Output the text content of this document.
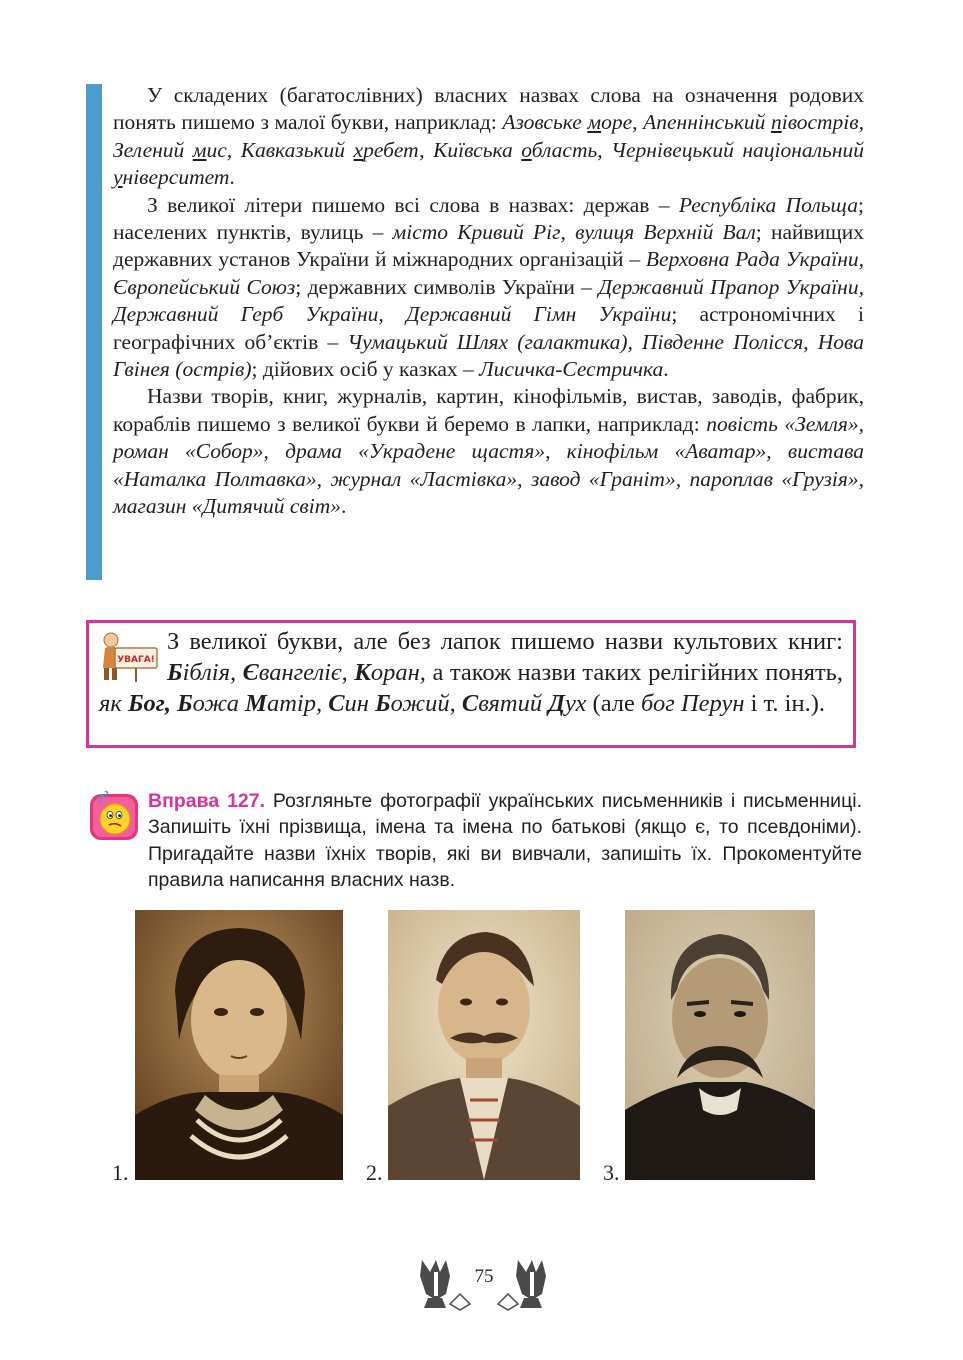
У складених (багатослівних) власних назвах слова на означення родових понять пишемо з малої букви, наприклад: Азовське море, Апеннінський півострів, Зелений мис, Кавказький хребет, Київська область, Чернівецький національний університет.

З великої літери пишемо всі слова в назвах: держав – Республіка Польща; населених пунктів, вулиць – місто Кривий Ріг, вулиця Верхній Вал; найвищих державних установ України й міжнародних організацій – Верховна Рада України, Європейський Союз; державних символів України – Державний Прапор України, Державний Герб України, Державний Гімн України; астрономічних і географічних об’єктів – Чумацький Шлях (галактика), Південне Полісся, Нова Гвінея (острів); дійових осіб у казках – Лисичка-Сестричка.

Назви творів, книг, журналів, картин, кінофільмів, вистав, заводів, фабрик, кораблів пишемо з великої букви й беремо в лапки, наприклад: повість «Земля», роман «Собор», драма «Украдене щастя», кінофільм «Аватар», вистава «Наталка Полтавка», журнал «Ластівка», завод «Граніт», пароплав «Грузія», магазин «Дитячий світ».

УВАГА!

З великої букви, але без лапок пишемо назви культових книг: Біблія, Євангеліє, Коран, а також назви таких релігійних понять, як Бог, Божа Матір, Син Божий, Святий Дух (але бог Перун і т. ін.).

? ? Вправа 127. Розгляньте фотографії українських письменників і письменниці. Запишіть їхні прізвища, імена та імена по батькові (якщо є, то псевдоніми). Пригадайте назви їхніх творів, які ви вивчали, запишіть їх. Прокоментуйте правила написання власних назв.
1.	2.	3.
75
